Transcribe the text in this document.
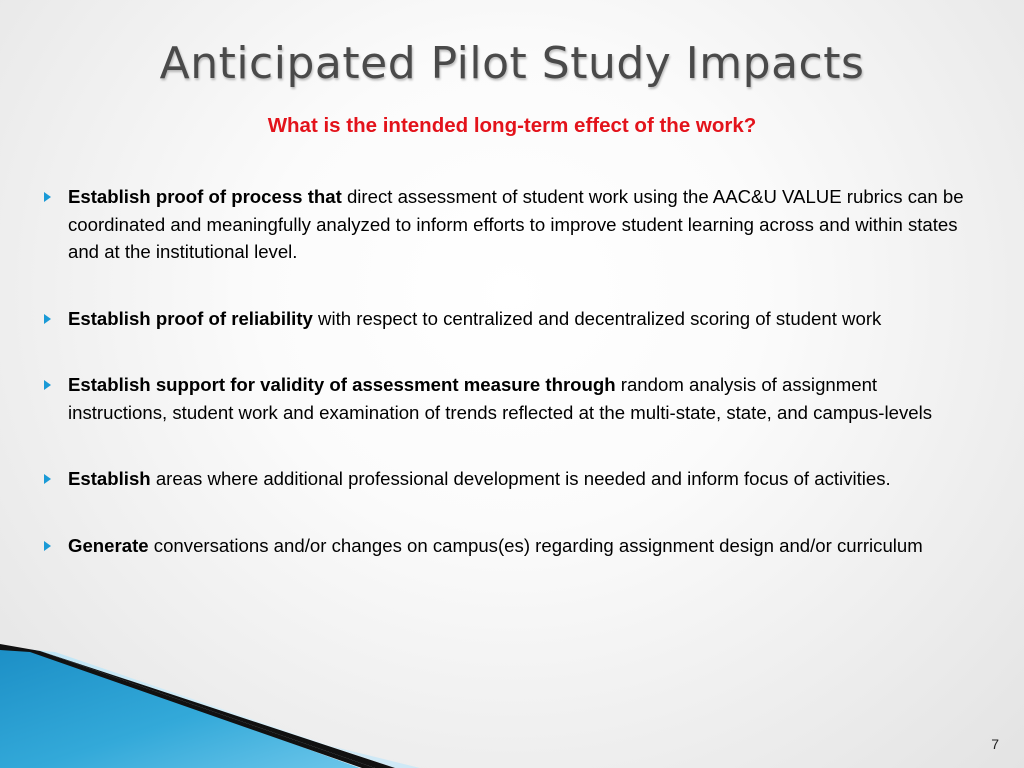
Anticipated Pilot Study Impacts

What is the intended long-term effect of the work?

Establish proof of process that direct assessment of student work using the AAC&U VALUE rubrics can be coordinated and meaningfully analyzed to inform efforts to improve student learning across and within states and at the institutional level.
Establish proof of reliability with respect to centralized and decentralized scoring of student work
Establish support for validity of assessment measure through random analysis of assignment instructions, student work and examination of trends reflected at the multi-state, state, and campus-levels
Establish areas where additional professional development is needed and inform focus of activities.
Generate conversations and/or changes on campus(es) regarding assignment design and/or curriculum
7
